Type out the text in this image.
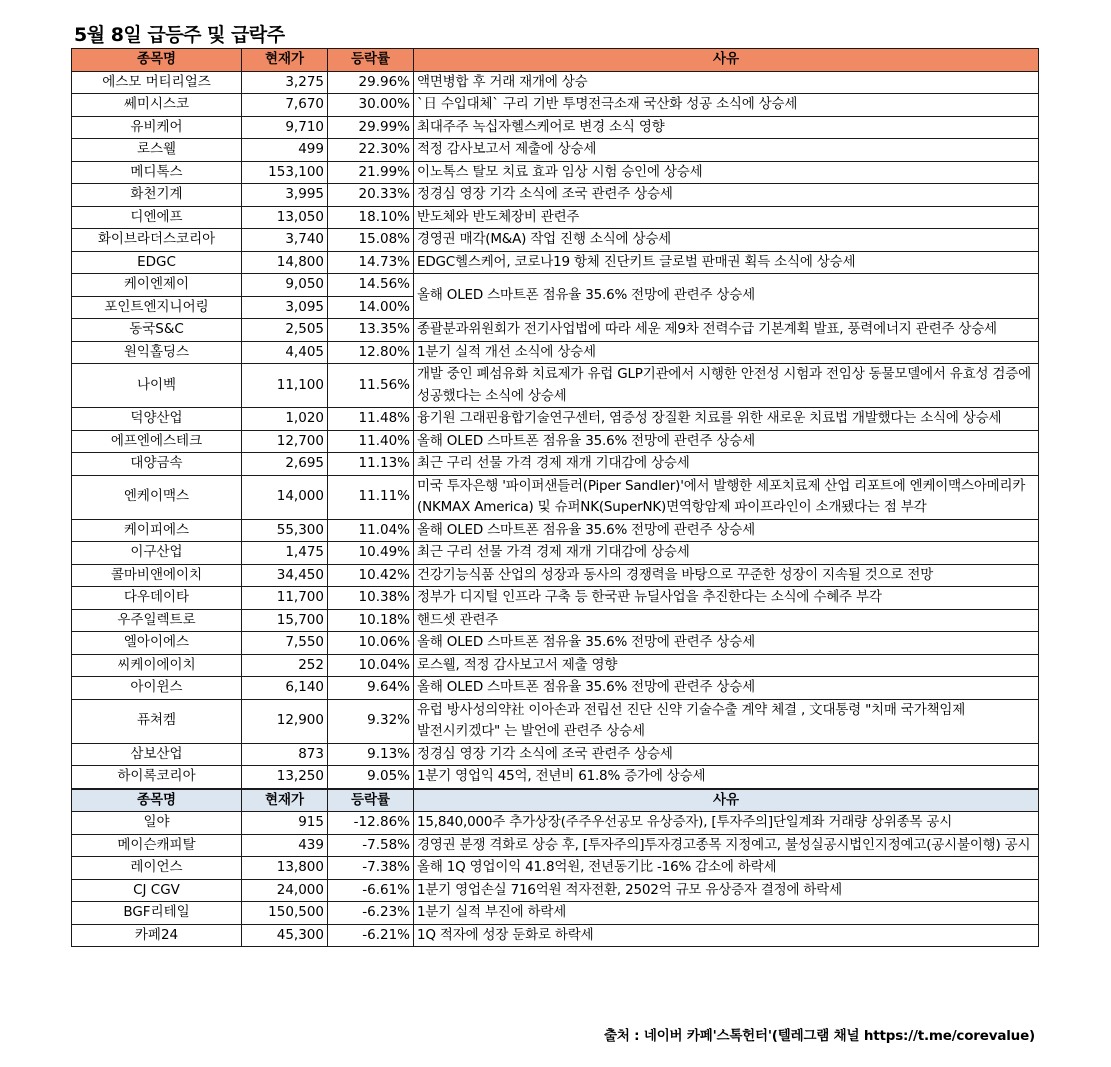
5월 8일 급등주 및 급락주
종목명	현재가	등락률	사유
에스모 머티리얼즈	3,275	29.96%	액면병합 후 거래 재개에 상승
쎄미시스코	7,670	30.00%	`日 수입대체` 구리 기반 투명전극소재 국산화 성공 소식에 상승세
유비케어	9,710	29.99%	최대주주 녹십자헬스케어로 변경 소식 영향
로스웰	499	22.30%	적정 감사보고서 제출에 상승세
메디톡스	153,100	21.99%	이노톡스 탈모 치료 효과 임상 시험 승인에 상승세
화천기계	3,995	20.33%	정경심 영장 기각 소식에 조국 관련주 상승세
디엔에프	13,050	18.10%	반도체와 반도체장비 관련주
화이브라더스코리아	3,740	15.08%	경영권 매각(M&A) 작업 진행 소식에 상승세
EDGC	14,800	14.73%	EDGC헬스케어, 코로나19 항체 진단키트 글로벌 판매권 획득 소식에 상승세
케이엔제이	9,050	14.56%	올해 OLED 스마트폰 점유율 35.6% 전망에 관련주 상승세
포인트엔지니어링	3,095	14.00%	
동국S&C	2,505	13.35%	종괄분과위원회가 전기사업법에 따라 세운 제9차 전력수급 기본계획 발표, 풍력에너지 관련주 상승세
원익홀딩스	4,405	12.80%	1분기 실적 개선 소식에 상승세
나이벡	11,100	11.56%	개발 중인 폐섬유화 치료제가 유럽 GLP기관에서 시행한 안전성 시험과 전임상 동물모델에서 유효성 검증에 성공했다는 소식에 상승세
덕양산업	1,020	11.48%	융기원 그래핀융합기술연구센터, 염증성 장질환 치료를 위한 새로운 치료법 개발했다는 소식에 상승세
에프엔에스테크	12,700	11.40%	올해 OLED 스마트폰 점유율 35.6% 전망에 관련주 상승세
대양금속	2,695	11.13%	최근 구리 선물 가격 경제 재개 기대감에 상승세
엔케이맥스	14,000	11.11%	미국 투자은행 '파이퍼샌들러(Piper Sandler)'에서 발행한 세포치료제 산업 리포트에 엔케이맥스아메리카(NKMAX America) 및 슈퍼NK(SuperNK)면역항암제 파이프라인이 소개됐다는 점 부각
케이피에스	55,300	11.04%	올해 OLED 스마트폰 점유율 35.6% 전망에 관련주 상승세
이구산업	1,475	10.49%	최근 구리 선물 가격 경제 재개 기대감에 상승세
콜마비앤에이치	34,450	10.42%	건강기능식품 산업의 성장과 동사의 경쟁력을 바탕으로 꾸준한 성장이 지속될 것으로 전망
다우데이타	11,700	10.38%	정부가 디지털 인프라 구축 등 한국판 뉴딜사업을 추진한다는 소식에 수혜주 부각
우주일렉트로	15,700	10.18%	핸드셋 관련주
엘아이에스	7,550	10.06%	올해 OLED 스마트폰 점유율 35.6% 전망에 관련주 상승세
씨케이에이치	252	10.04%	로스웰, 적정 감사보고서 제출 영향
아이윈스	6,140	9.64%	올해 OLED 스마트폰 점유율 35.6% 전망에 관련주 상승세
퓨쳐켐	12,900	9.32%	유럽 방사성의약社 이아손과 전립선 진단 신약 기술수출 계약 체결 , 文대통령 "치매 국가책임제 발전시키겠다" 는 발언에 관련주 상승세
삼보산업	873	9.13%	정경심 영장 기각 소식에 조국 관련주 상승세
하이록코리아	13,250	9.05%	1분기 영업익 45억, 전년비 61.8% 증가에 상승세
종목명	현재가	등락률	사유
일야	915	-12.86%	15,840,000주 추가상장(주주우선공모 유상증자), [투자주의]단일계좌 거래량 상위종목 공시
메이슨캐피탈	439	-7.58%	경영권 분쟁 격화로 상승 후, [투자주의]투자경고종목 지정예고, 불성실공시법인지정예고(공시불이행) 공시
레이언스	13,800	-7.38%	올해 1Q 영업이익 41.8억원, 전년동기比 -16% 감소에 하락세
CJ CGV	24,000	-6.61%	1분기 영업손실 716억원 적자전환, 2502억 규모 유상증자 결정에 하락세
BGF리테일	150,500	-6.23%	1분기 실적 부진에 하락세
카페24	45,300	-6.21%	1Q 적자에 성장 둔화로 하락세
출처 : 네이버 카페'스톡헌터'(텔레그램 채널 https://t.me/corevalue)
